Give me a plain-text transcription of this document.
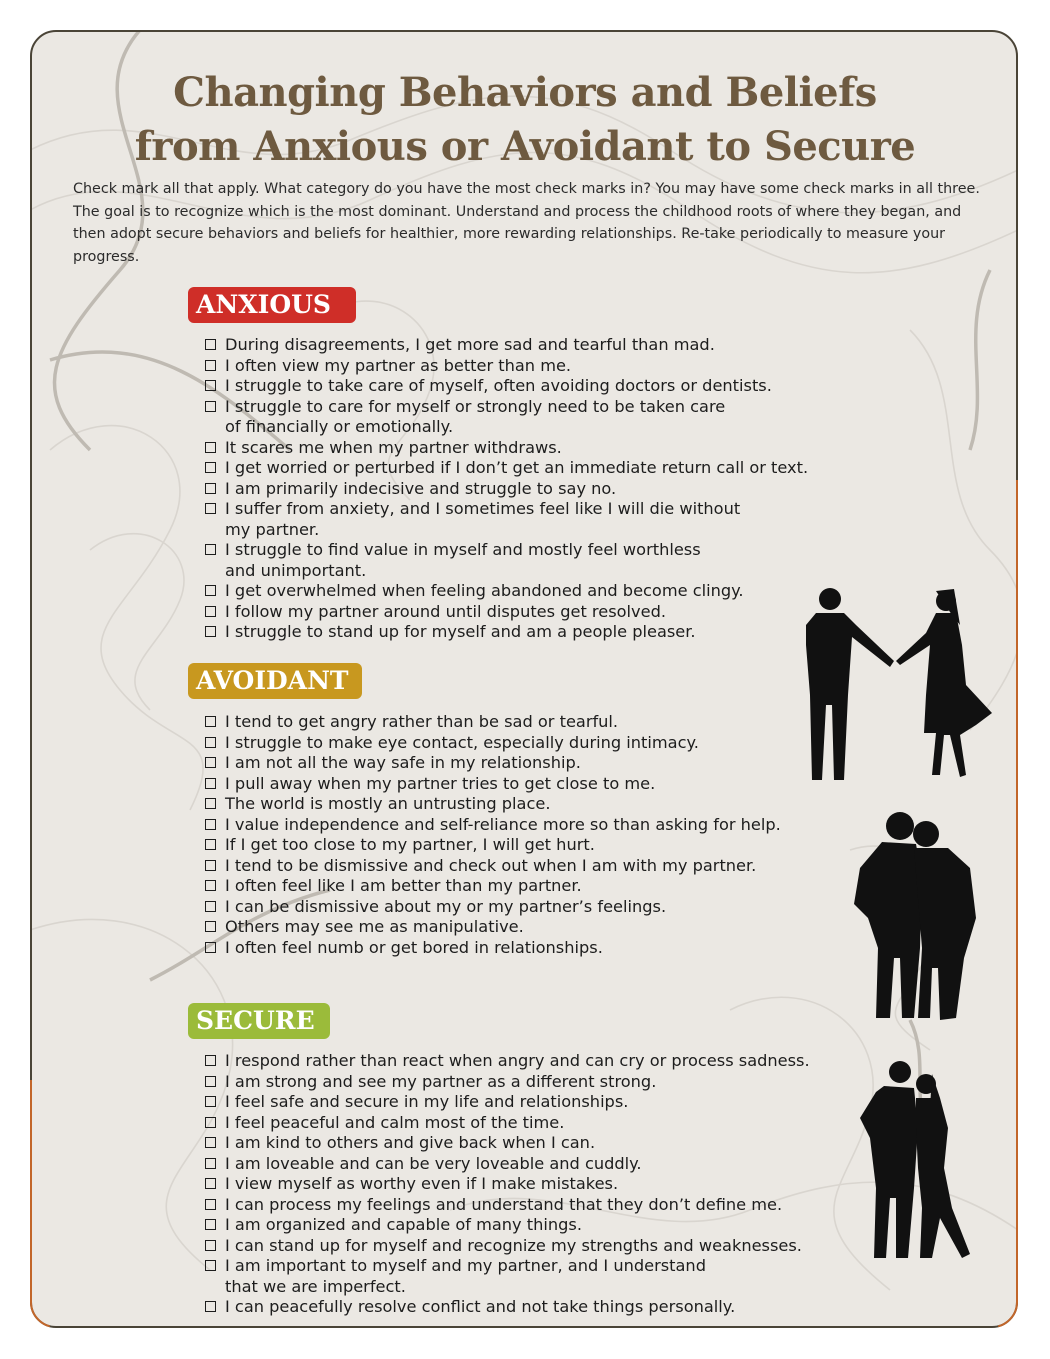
Changing Behaviors and Beliefs
from Anxious or Avoidant to Secure
Check mark all that apply. What category do you have the most check marks in? You may have some check marks in all three. The goal is to recognize which is the most dominant. Understand and process the childhood roots of where they began, and then adopt secure behaviors and beliefs for healthier, more rewarding relationships. Re-take periodically to measure your progress.
ANXIOUS
During disagreements, I get more sad and tearful than mad.
I often view my partner as better than me.
I struggle to take care of myself, often avoiding doctors or dentists.
I struggle to care for myself or strongly need to be taken care
of financially or emotionally.
It scares me when my partner withdraws.
I get worried or perturbed if I don’t get an immediate return call or text.
I am primarily indecisive and struggle to say no.
I suffer from anxiety, and I sometimes feel like I will die without
my partner.
I struggle to find value in myself and mostly feel worthless
and unimportant.
I get overwhelmed when feeling abandoned and become clingy.
I follow my partner around until disputes get resolved.
I struggle to stand up for myself and am a people pleaser.
AVOIDANT
I tend to get angry rather than be sad or tearful.
I struggle to make eye contact, especially during intimacy.
I am not all the way safe in my relationship.
I pull away when my partner tries to get close to me.
The world is mostly an untrusting place.
I value independence and self-reliance more so than asking for help.
If I get too close to my partner, I will get hurt.
I tend to be dismissive and check out when I am with my partner.
I often feel like I am better than my partner.
I can be dismissive about my or my partner’s feelings.
Others may see me as manipulative.
I often feel numb or get bored in relationships.
SECURE
I respond rather than react when angry and can cry or process sadness.
I am strong and see my partner as a different strong.
I feel safe and secure in my life and relationships.
I feel peaceful and calm most of the time.
I am kind to others and give back when I can.
I am loveable and can be very loveable and cuddly.
I view myself as worthy even if I make mistakes.
I can process my feelings and understand that they don’t define me.
I am organized and capable of many things.
I can stand up for myself and recognize my strengths and weaknesses.
I am important to myself and my partner, and I understand
that we are imperfect.
I can peacefully resolve conflict and not take things personally.
